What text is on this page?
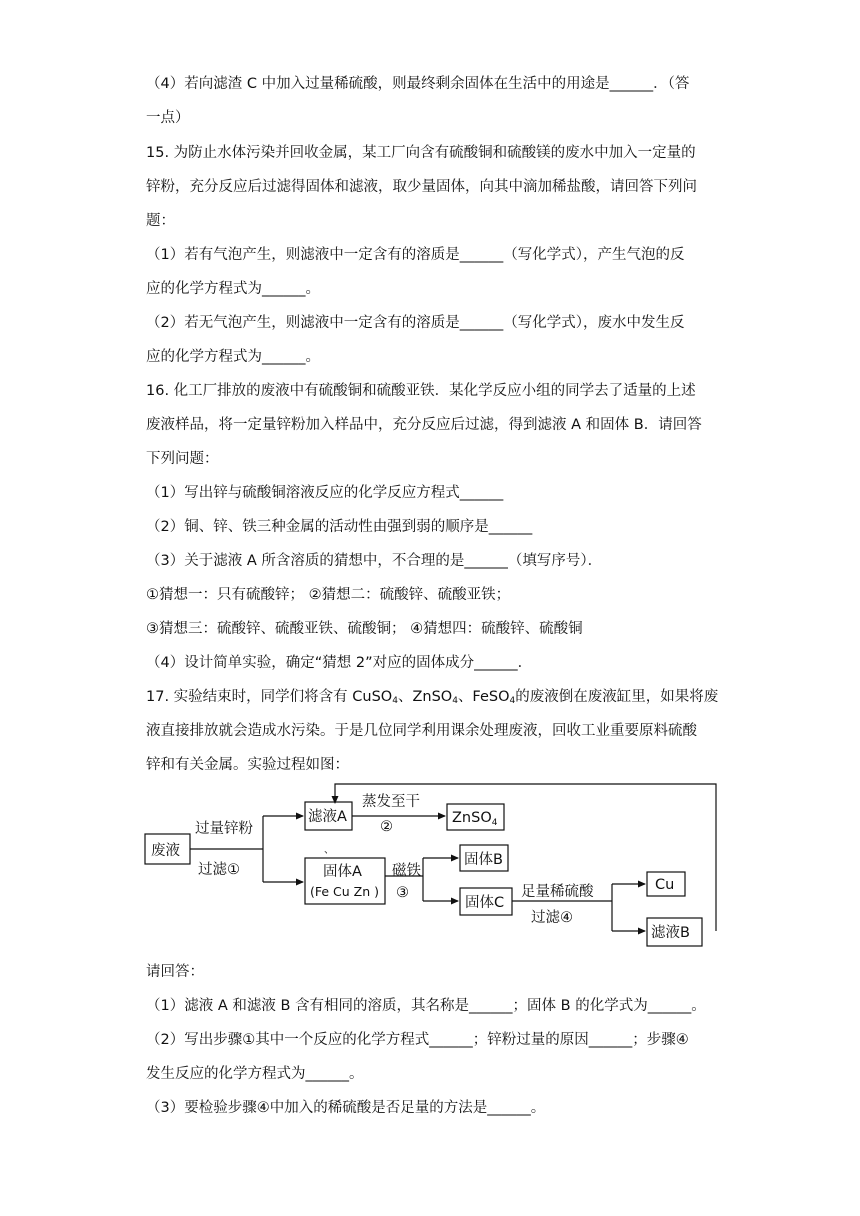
（4）若向滤渣 C 中加入过量稀硫酸，则最终剩余固体在生活中的用途是______．（答
一点）
15. 为防止水体污染并回收金属，某工厂向含有硫酸铜和硫酸镁的废水中加入一定量的
锌粉，充分反应后过滤得固体和滤液，取少量固体，向其中滴加稀盐酸，请回答下列问
题：
（1）若有气泡产生，则滤液中一定含有的溶质是______（写化学式），产生气泡的反
应的化学方程式为______。
（2）若无气泡产生，则滤液中一定含有的溶质是______（写化学式），废水中发生反
应的化学方程式为______。
16. 化工厂排放的废液中有硫酸铜和硫酸亚铁．某化学反应小组的同学去了适量的上述
废液样品，将一定量锌粉加入样品中，充分反应后过滤，得到滤液 A 和固体 B．请回答
下列问题：
（1）写出锌与硫酸铜溶液反应的化学反应方程式______
（2）铜、锌、铁三种金属的活动性由强到弱的顺序是______
（3）关于滤液 A 所含溶质的猜想中，不合理的是______（填写序号）．
①猜想一：只有硫酸锌； ②猜想二：硫酸锌、硫酸亚铁；
③猜想三：硫酸锌、硫酸亚铁、硫酸铜； ④猜想四：硫酸锌、硫酸铜
（4）设计简单实验，确定“猜想 2”对应的固体成分______．
17. 实验结束时，同学们将含有 CuSO$_4$、ZnSO$_4$、FeSO$_4$的废液倒在废液缸里，如果将废
液直接排放就会造成水污染。于是几位同学利用课余处理废液，回收工业重要原料硫酸
锌和有关金属。实验过程如图：
废液
过量锌粉
过滤①
滤液A
蒸发至干
②
ZnSO$_4$
、
固体A
(Fe Cu Zn )
磁铁
③
固体B
固体C
足量稀硫酸
过滤④
Cu
滤液B
请回答：
（1）滤液 A 和滤液 B 含有相同的溶质，其名称是______；固体 B 的化学式为______。
（2）写出步骤①其中一个反应的化学方程式______；锌粉过量的原因______；步骤④
发生反应的化学方程式为______。
（3）要检验步骤④中加入的稀硫酸是否足量的方法是______。
